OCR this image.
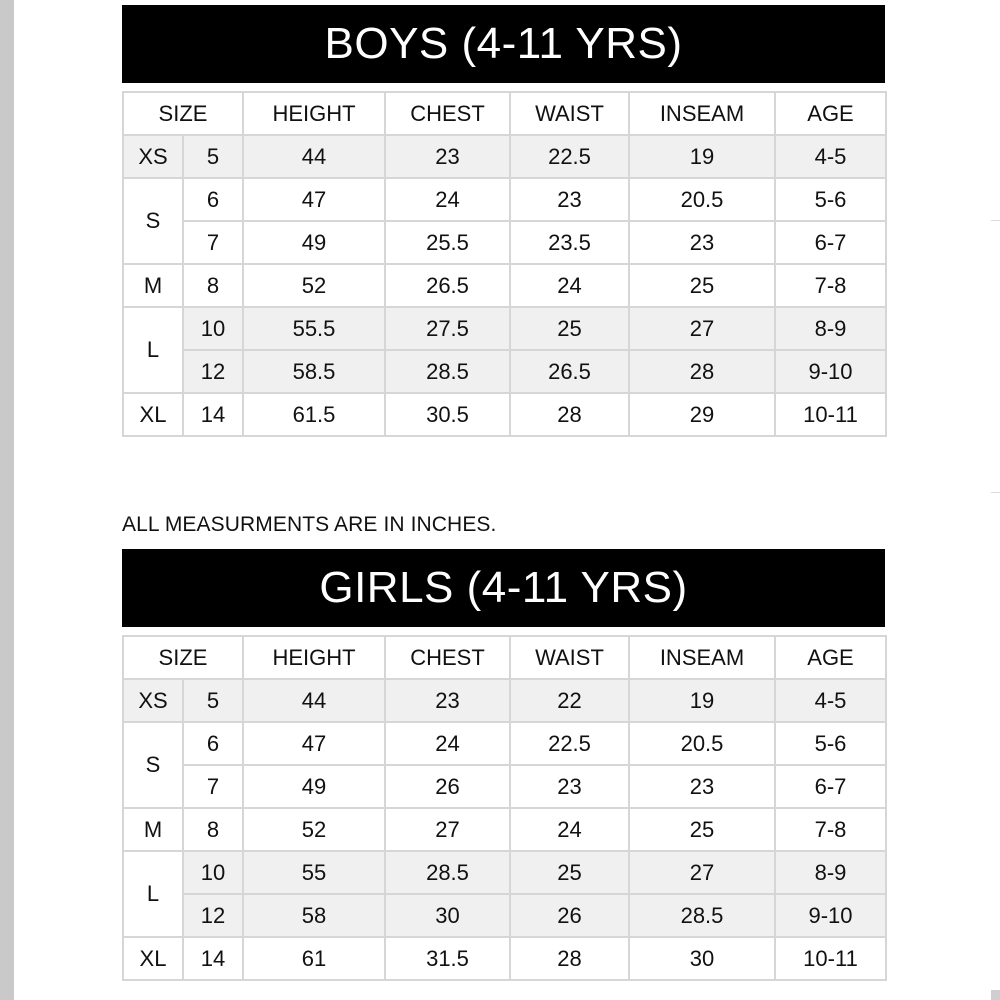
BOYS (4-11 YRS)
SIZE		HEIGHT	CHEST	WAIST	INSEAM	AGE
XS	5	44	23	22.5	19	4-5
S	6	47	24	23	20.5	5-6
	7	49	25.5	23.5	23	6-7
M	8	52	26.5	24	25	7-8
L	10	55.5	27.5	25	27	8-9
	12	58.5	28.5	26.5	28	9-10
XL	14	61.5	30.5	28	29	10-11
ALL MEASURMENTS ARE IN INCHES.
GIRLS (4-11 YRS)
SIZE		HEIGHT	CHEST	WAIST	INSEAM	AGE
XS	5	44	23	22	19	4-5
S	6	47	24	22.5	20.5	5-6
	7	49	26	23	23	6-7
M	8	52	27	24	25	7-8
L	10	55	28.5	25	27	8-9
	12	58	30	26	28.5	9-10
XL	14	61	31.5	28	30	10-11
